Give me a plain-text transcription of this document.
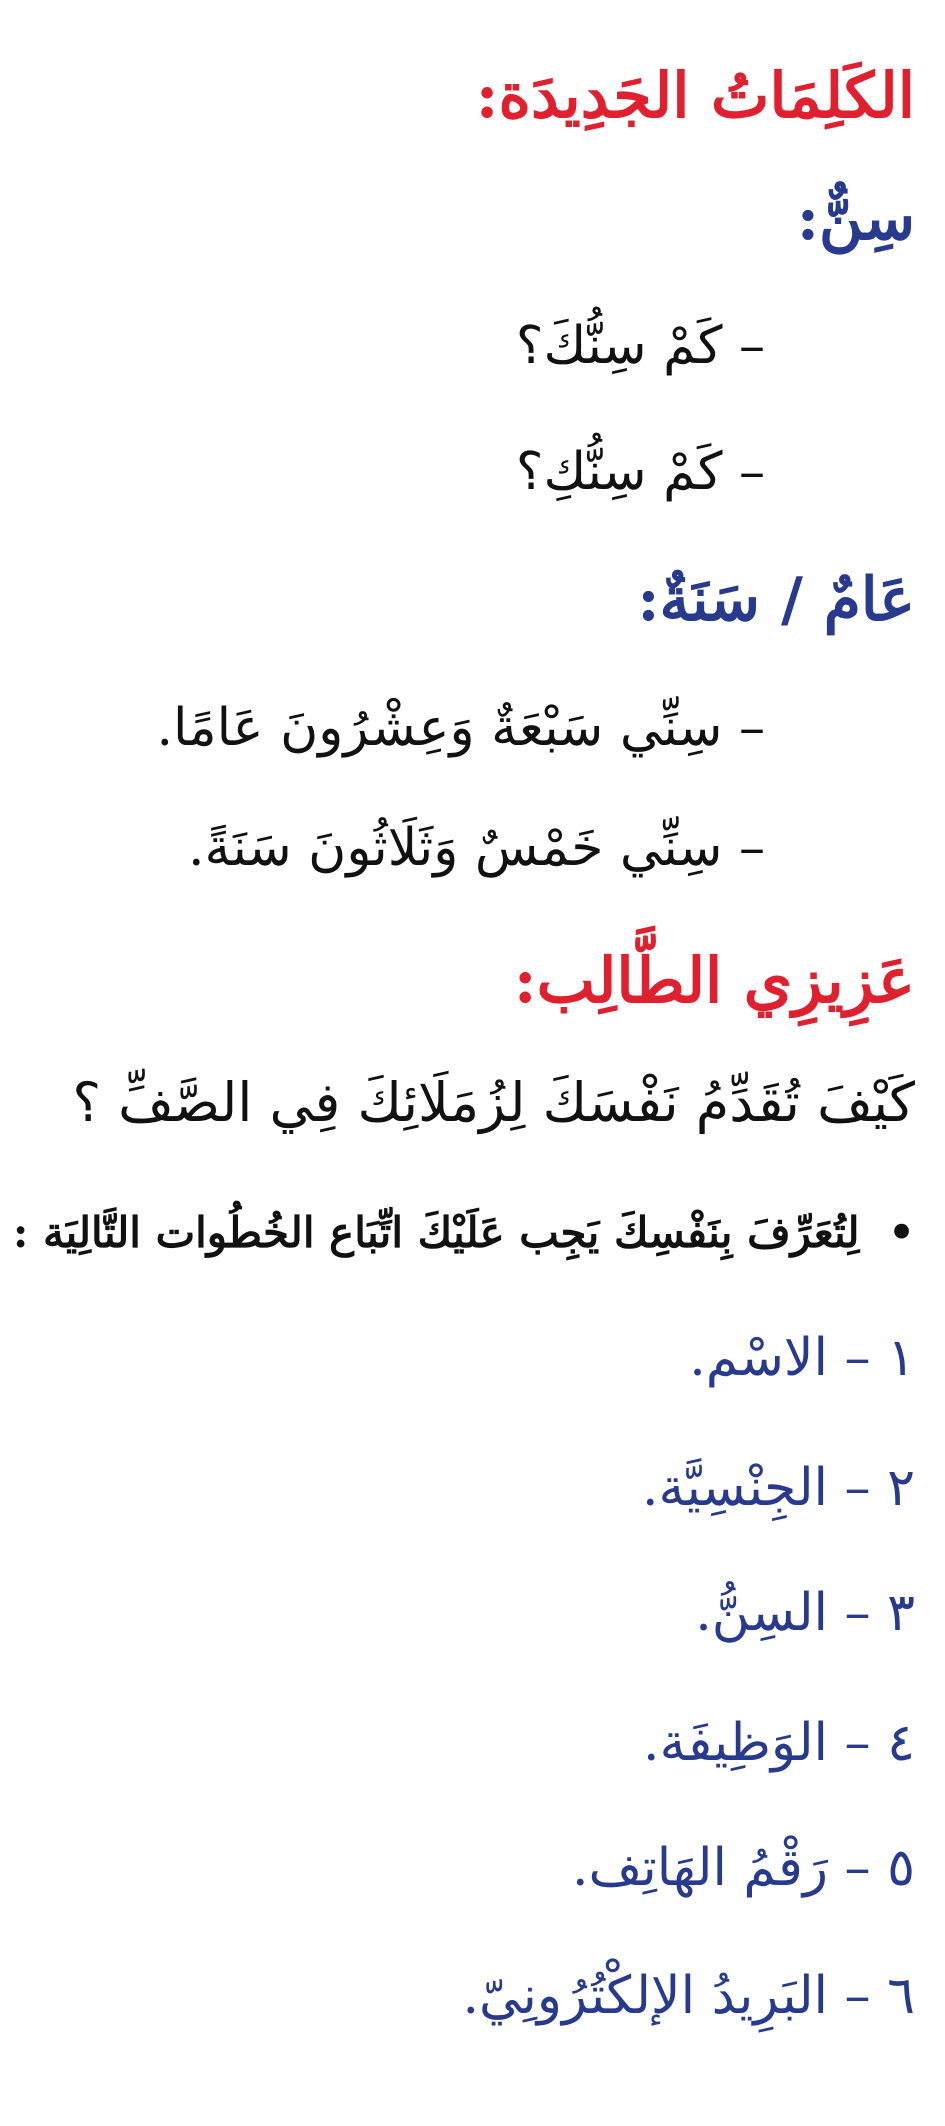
الكَلِمَاتُ الجَدِيدَة:
سِنٌّ:
– كَمْ سِنُّكَ؟
– كَمْ سِنُّكِ؟
عَامٌ / سَنَةٌ:
– سِنِّي سَبْعَةٌ وَعِشْرُونَ عَامًا.
– سِنِّي خَمْسٌ وَثَلَاثُونَ سَنَةً.
عَزِيزِي الطَّالِب:
كَيْفَ تُقَدِّمُ نَفْسَكَ لِزُمَلَائِكَ فِي الصَّفِّ ؟
• لِتُعَرِّفَ بِنَفْسِكَ يَجِب عَلَيْكَ اتِّبَاع الخُطُوات التَّالِيَة :
١ – الاسْم.
٢ – الجِنْسِيَّة.
٣ – السِنُّ.
٤ – الوَظِيفَة.
٥ – رَقْمُ الهَاتِف.
٦ – البَرِيدُ الإلكْتُرُونِيّ.
